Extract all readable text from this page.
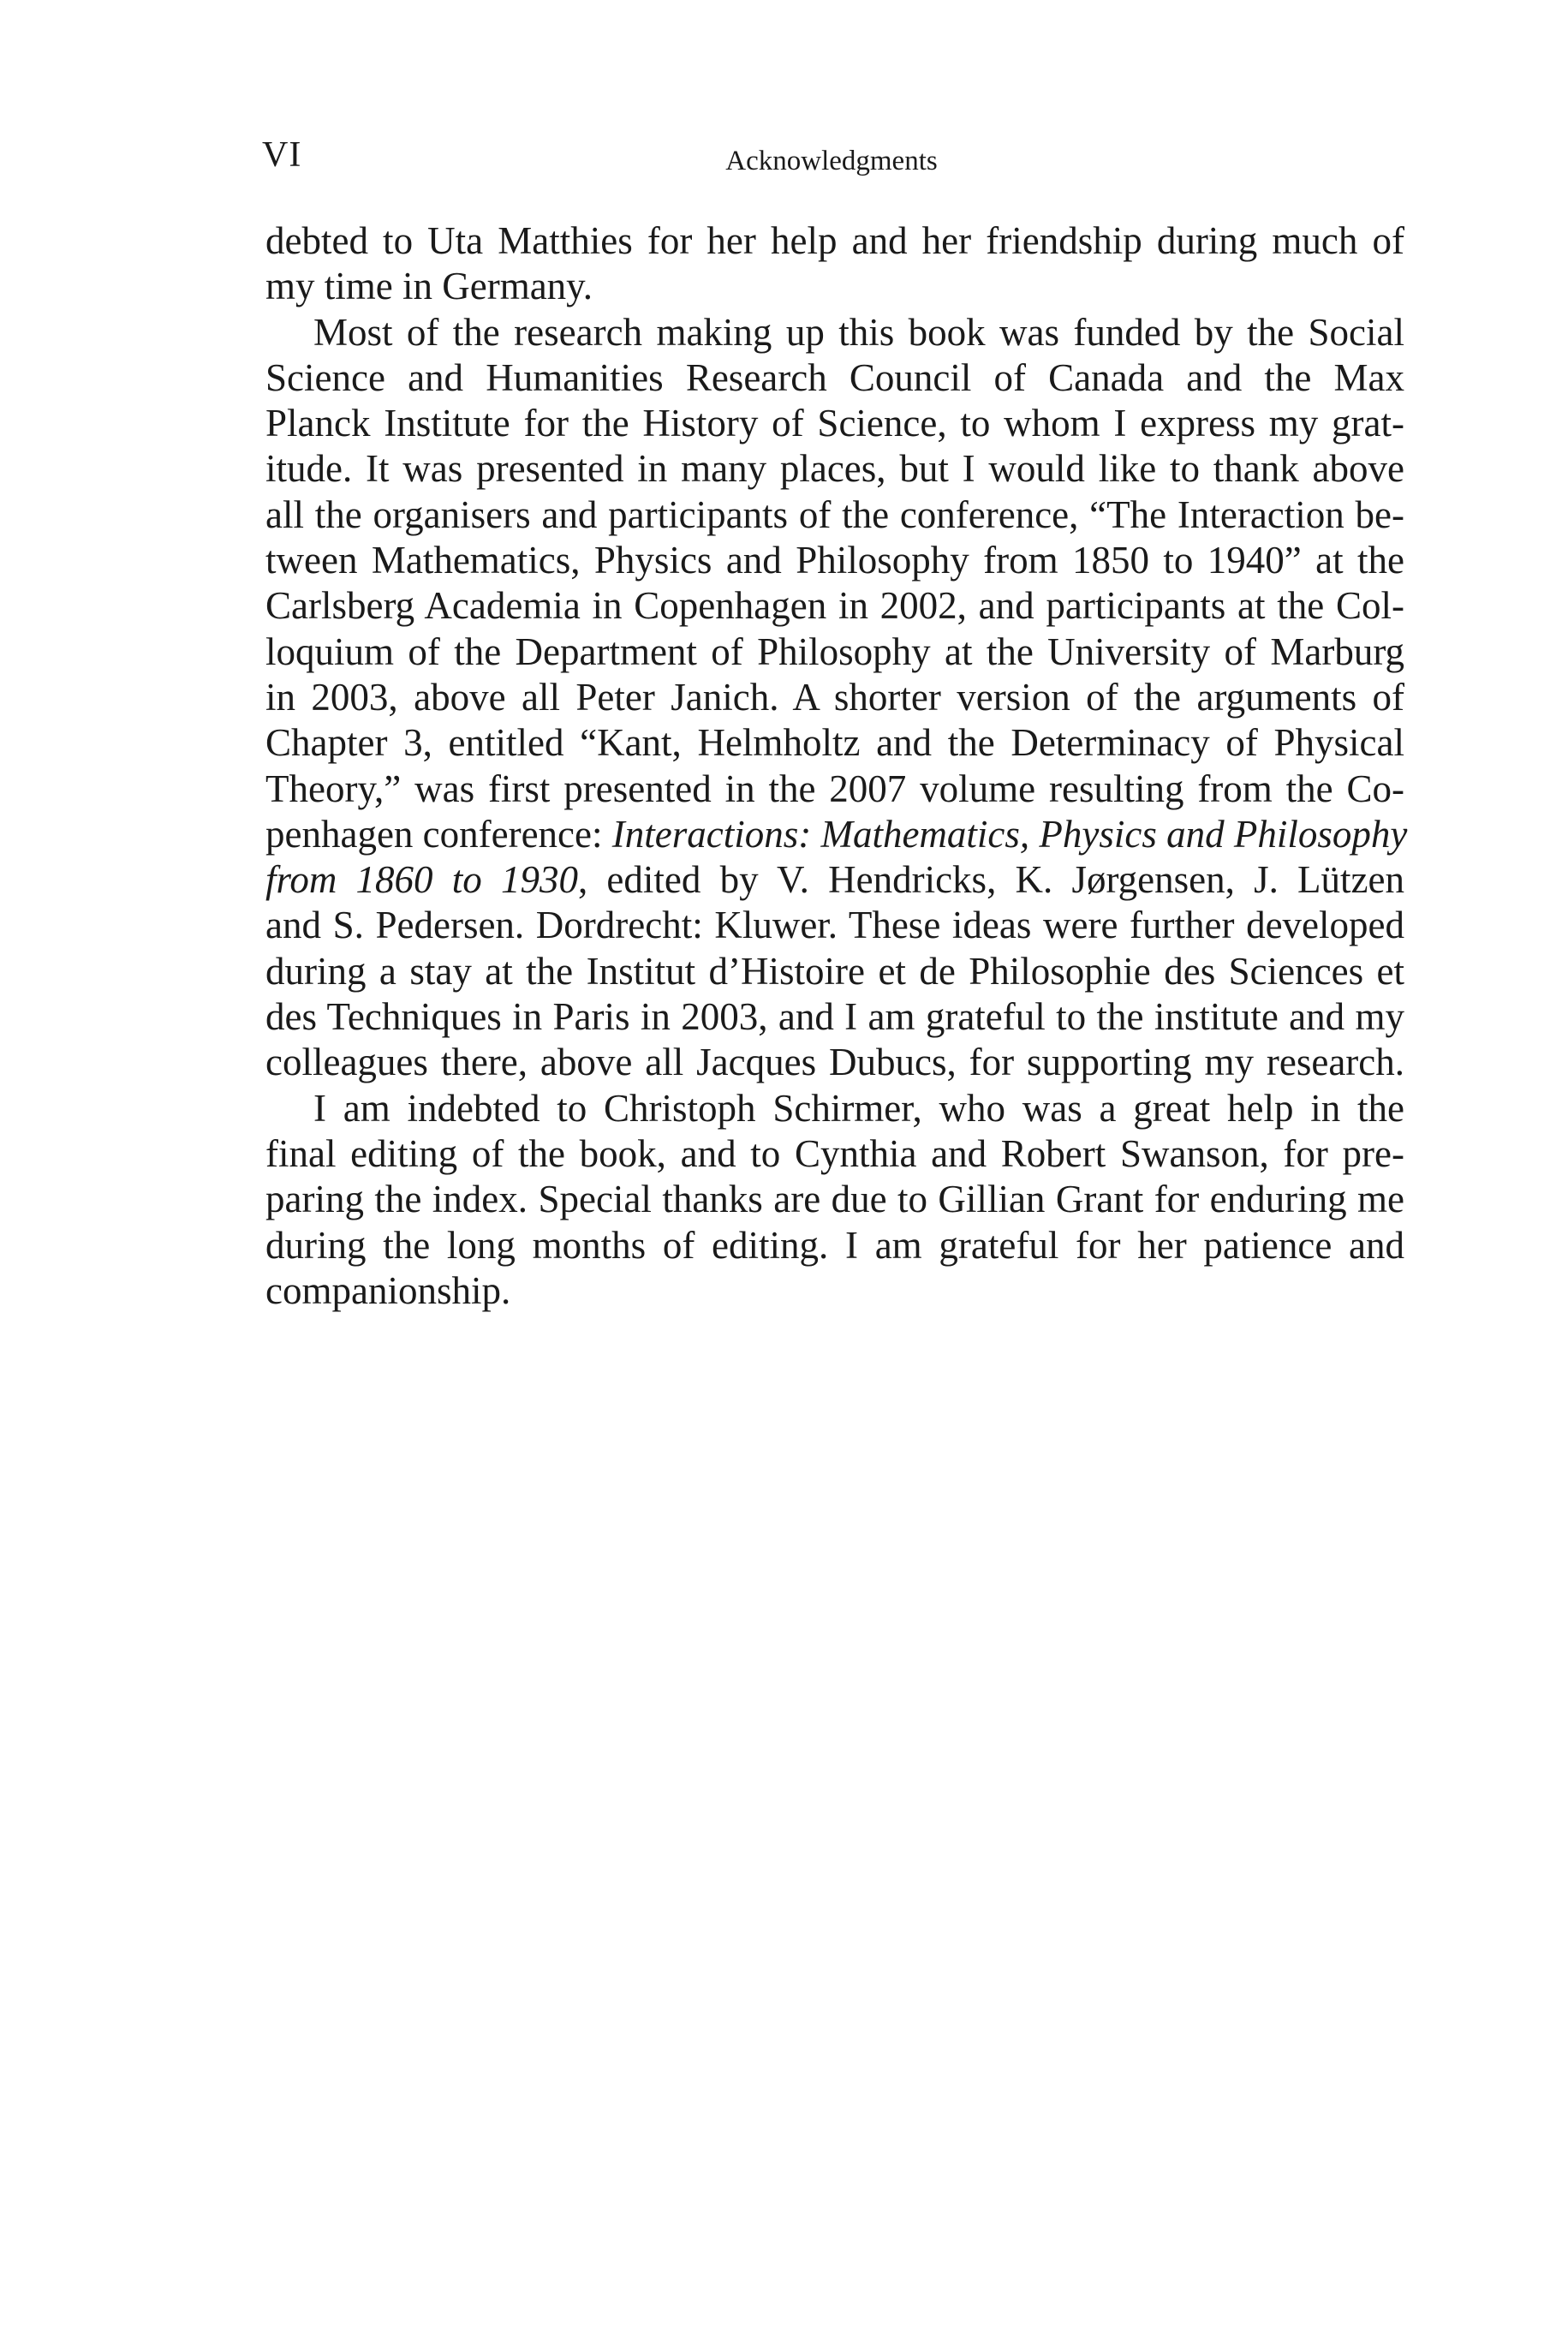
VI	Acknowledgments
debted to Uta Matthies for her help and her friendship during much of
my time in Germany.
Most of the research making up this book was funded by the Social
Science and Humanities Research Council of Canada and the Max
Planck Institute for the History of Science, to whom I express my grat-
itude. It was presented in many places, but I would like to thank above
all the organisers and participants of the conference, “The Interaction be-
tween Mathematics, Physics and Philosophy from 1850 to 1940” at the
Carlsberg Academia in Copenhagen in 2002, and participants at the Col-
loquium of the Department of Philosophy at the University of Marburg
in 2003, above all Peter Janich. A shorter version of the arguments of
Chapter 3, entitled “Kant, Helmholtz and the Determinacy of Physical
Theory,” was first presented in the 2007 volume resulting from the Co-
penhagen conference: Interactions: Mathematics, Physics and Philosophy
from 1860 to 1930, edited by V. Hendricks, K. Jørgensen, J. Lützen
and S. Pedersen. Dordrecht: Kluwer. These ideas were further developed
during a stay at the Institut d’Histoire et de Philosophie des Sciences et
des Techniques in Paris in 2003, and I am grateful to the institute and my
colleagues there, above all Jacques Dubucs, for supporting my research.
I am indebted to Christoph Schirmer, who was a great help in the
final editing of the book, and to Cynthia and Robert Swanson, for pre-
paring the index. Special thanks are due to Gillian Grant for enduring me
during the long months of editing. I am grateful for her patience and
companionship.
